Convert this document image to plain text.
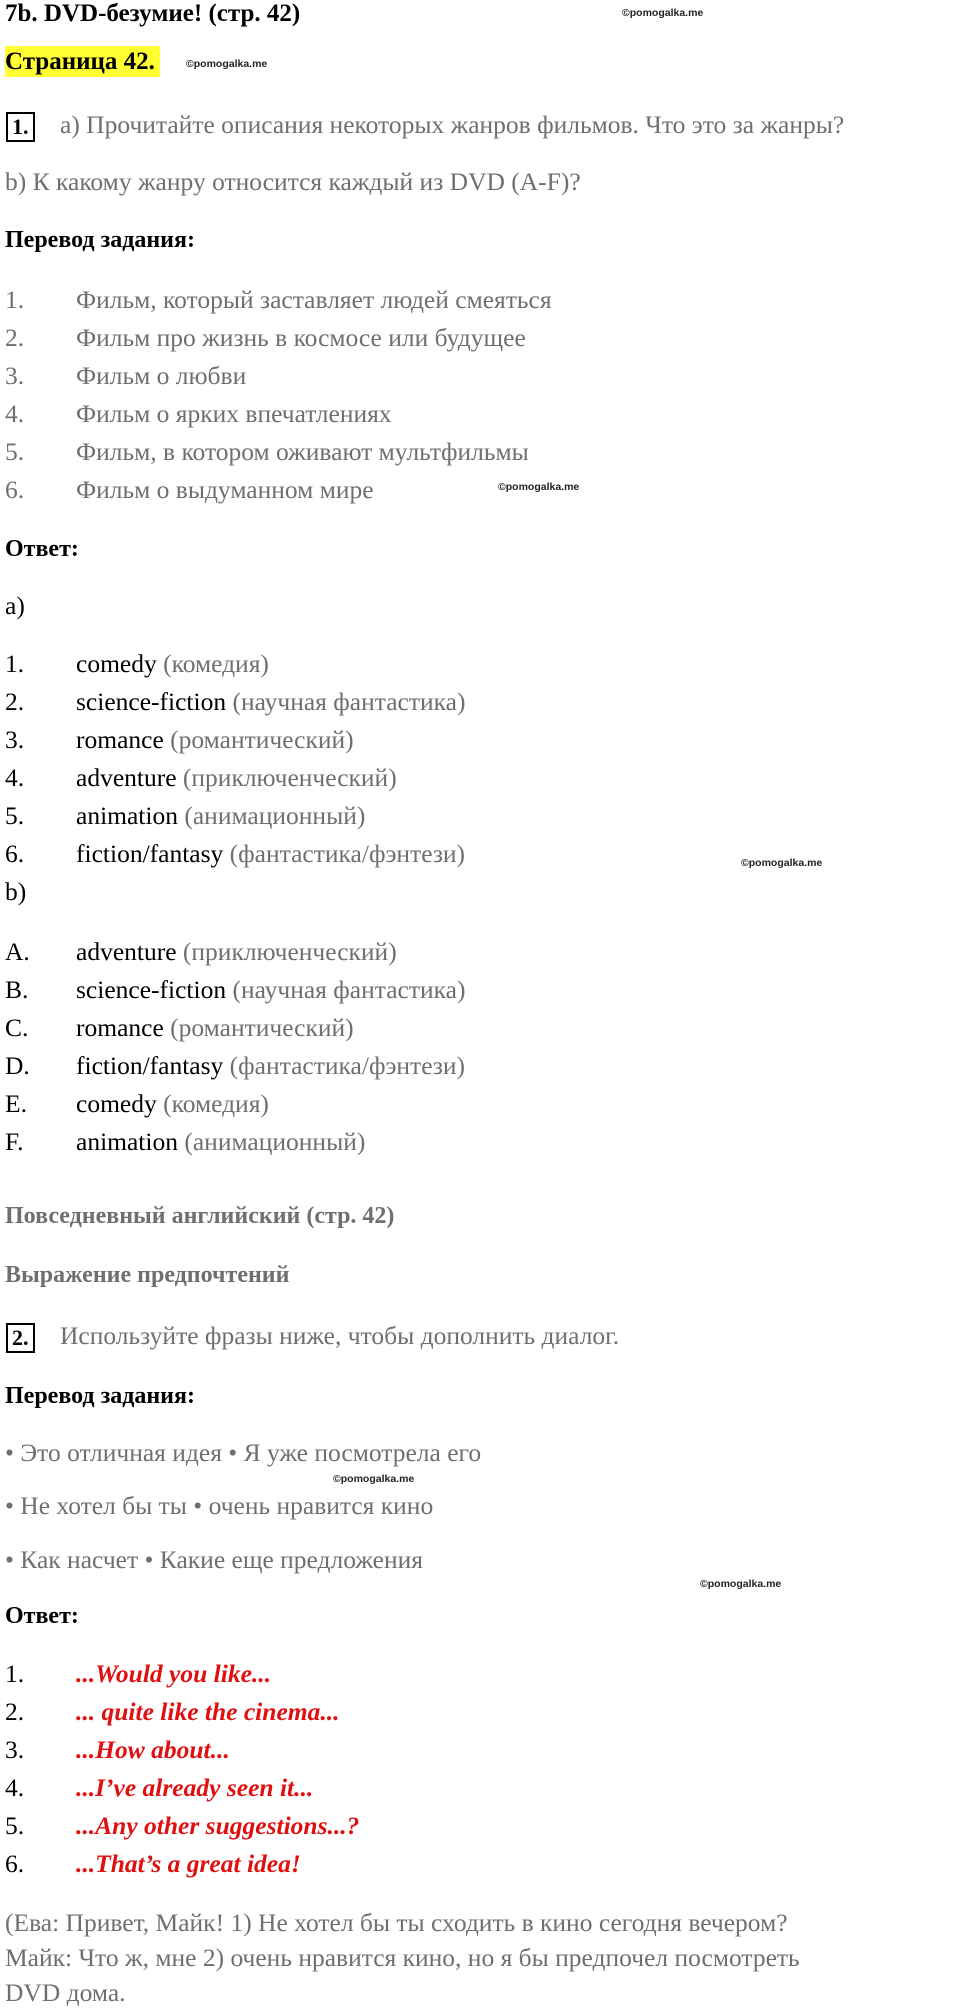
7b. DVD-безумие! (стр. 42)	©pomogalka.me
Страница 42.	©pomogalka.me
1. a) Прочитайте описания некоторых жанров фильмов. Что это за жанры?
b) К какому жанру относится каждый из DVD (A-F)?
Перевод задания:
1. Фильм, который заставляет людей смеяться
2. Фильм про жизнь в космосе или будущее
3. Фильм о любви
4. Фильм о ярких впечатлениях
5. Фильм, в котором оживают мультфильмы
6. Фильм о выдуманном мире	©pomogalka.me
Ответ:
a)
1. comedy (комедия)
2. science-fiction (научная фантастика)
3. romance (романтический)
4. adventure (приключенческий)
5. animation (анимационный)
6. fiction/fantasy (фантастика/фэнтези)	©pomogalka.me
b)
A. adventure (приключенческий)
B. science-fiction (научная фантастика)
C. romance (романтический)
D. fiction/fantasy (фантастика/фэнтези)
E. comedy (комедия)
F. animation (анимационный)
Повседневный английский (стр. 42)
Выражение предпочтений
2. Используйте фразы ниже, чтобы дополнить диалог.
Перевод задания:
• Это отличная идея • Я уже посмотрела его
©pomogalka.me
• Не хотел бы ты • очень нравится кино
• Как насчет • Какие еще предложения
©pomogalka.me
Ответ:
1. ...Would you like...
2. ... quite like the cinema...
3. ...How about...
4. ...I’ve already seen it...
5. ...Any other suggestions...?
6. ...That’s a great idea!
(Ева: Привет, Майк! 1) Не хотел бы ты сходить в кино сегодня вечером?
Майк: Что ж, мне 2) очень нравится кино, но я бы предпочел посмотреть
DVD дома.
